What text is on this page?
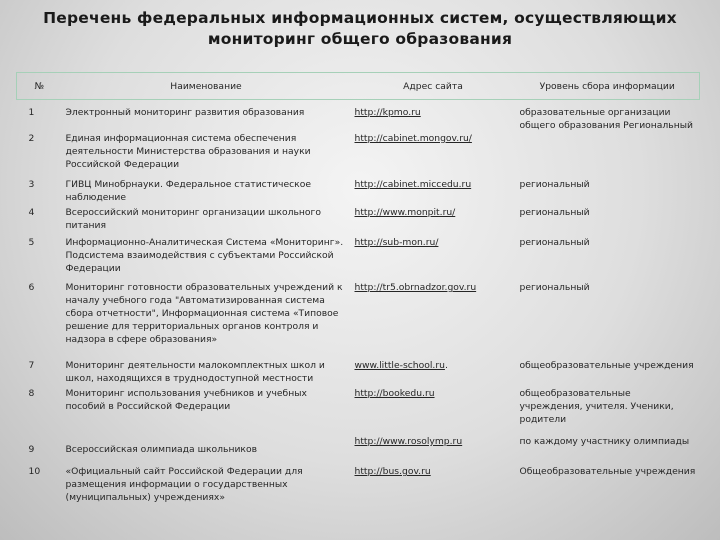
Перечень федеральных информационных систем, осуществляющих
мониторинг общего образования
№	Наименование	Адрес сайта	Уровень сбора информации

1	Электронный мониторинг развития образования	http://kpmo.ru	образовательные организации общего образования Региональный
2	Единая информационная система обеспечения деятельности Министерства образования и науки Российской Федерации	http://cabinet.mongov.ru/	
3	ГИВЦ Минобрнауки. Федеральное статистическое наблюдение	http://cabinet.miccedu.ru	региональный
4	Всероссийский мониторинг организации школьного питания	http://www.monpit.ru/	региональный
5	Информационно-Аналитическая Система «Мониторинг». Подсистема взаимодействия с субъектами Российской Федерации	http://sub-mon.ru/	региональный
6	Мониторинг готовности образовательных учреждений к началу учебного года "Автоматизированная система сбора отчетности", Информационная система «Типовое решение для территориальных органов контроля и надзора в сфере образования»	http://tr5.obrnadzor.gov.ru	региональный
7	Мониторинг деятельности малокомплектных школ и школ, находящихся в труднодоступной местности	www.little-school.ru.	общеобразовательные учреждения
8	Мониторинг использования учебников и учебных пособий в Российской Федерации	http://bookedu.ru	общеобразовательные учреждения, учителя. Ученики, родители
9	Всероссийская олимпиада школьников	http://www.rosolymp.ru	по каждому участнику олимпиады
10	«Официальный сайт Российской Федерации для размещения информации о государственных (муниципальных) учреждениях»	http://bus.gov.ru	Общеобразовательные учреждения
